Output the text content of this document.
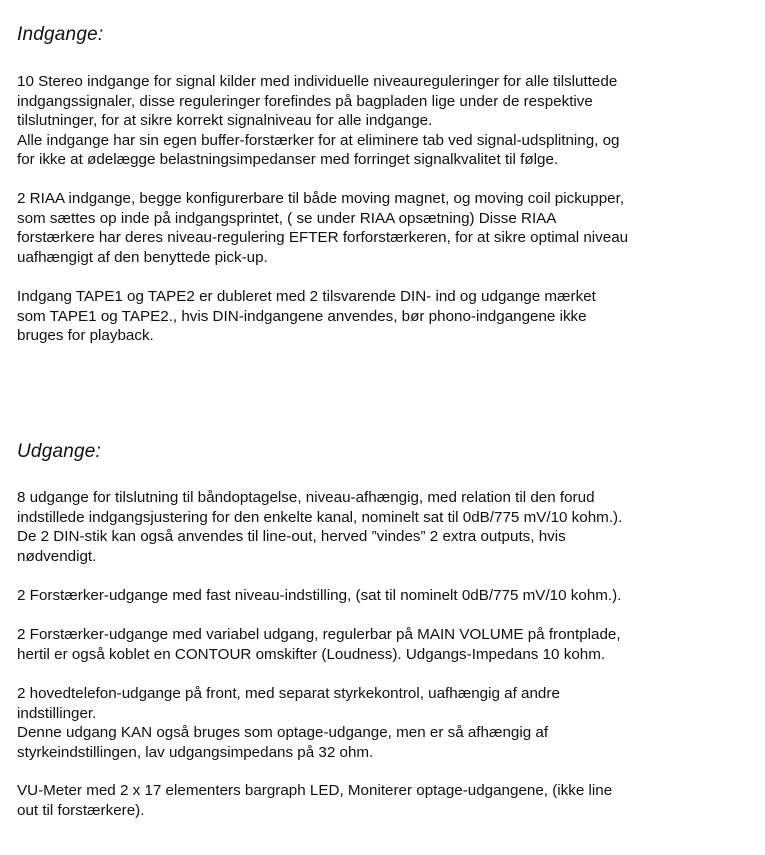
Indgange:

10 Stereo indgange for signal kilder med individuelle niveaureguleringer for alle tilsluttede
indgangssignaler, disse reguleringer forefindes på bagpladen lige under de respektive
tilslutninger, for at sikre korrekt signalniveau for alle indgange.
Alle indgange har sin egen buffer-forstærker for at eliminere tab ved signal-udsplitning, og
for ikke at ødelægge belastningsimpedanser med forringet signalkvalitet til følge.

2 RIAA indgange, begge konfigurerbare til både moving magnet, og moving coil pickupper,
som sættes op inde på indgangsprintet, ( se under RIAA opsætning) Disse RIAA
forstærkere har deres niveau-regulering EFTER forforstærkeren, for at sikre optimal niveau
uafhængigt af den benyttede pick-up.

Indgang TAPE1 og TAPE2 er dubleret med 2 tilsvarende DIN- ind og udgange mærket
som TAPE1 og TAPE2., hvis DIN-indgangene anvendes, bør phono-indgangene ikke
bruges for playback.

Udgange:

8 udgange for tilslutning til båndoptagelse, niveau-afhængig, med relation til den forud
indstillede indgangsjustering for den enkelte kanal, nominelt sat til 0dB/775 mV/10 kohm.).
De 2 DIN-stik kan også anvendes til line-out, herved ”vindes” 2 extra outputs, hvis
nødvendigt.

2 Forstærker-udgange med fast niveau-indstilling, (sat til nominelt 0dB/775 mV/10 kohm.).

2 Forstærker-udgange med variabel udgang, regulerbar på MAIN VOLUME på frontplade,
hertil er også koblet en CONTOUR omskifter (Loudness). Udgangs-Impedans 10 kohm.

2 hovedtelefon-udgange på front, med separat styrkekontrol, uafhængig af andre
indstillinger.
Denne udgang KAN også bruges som optage-udgange, men er så afhængig af
styrkeindstillingen, lav udgangsimpedans på 32 ohm.

VU-Meter med 2 x 17 elementers bargraph LED, Moniterer optage-udgangene, (ikke line
out til forstærkere).
